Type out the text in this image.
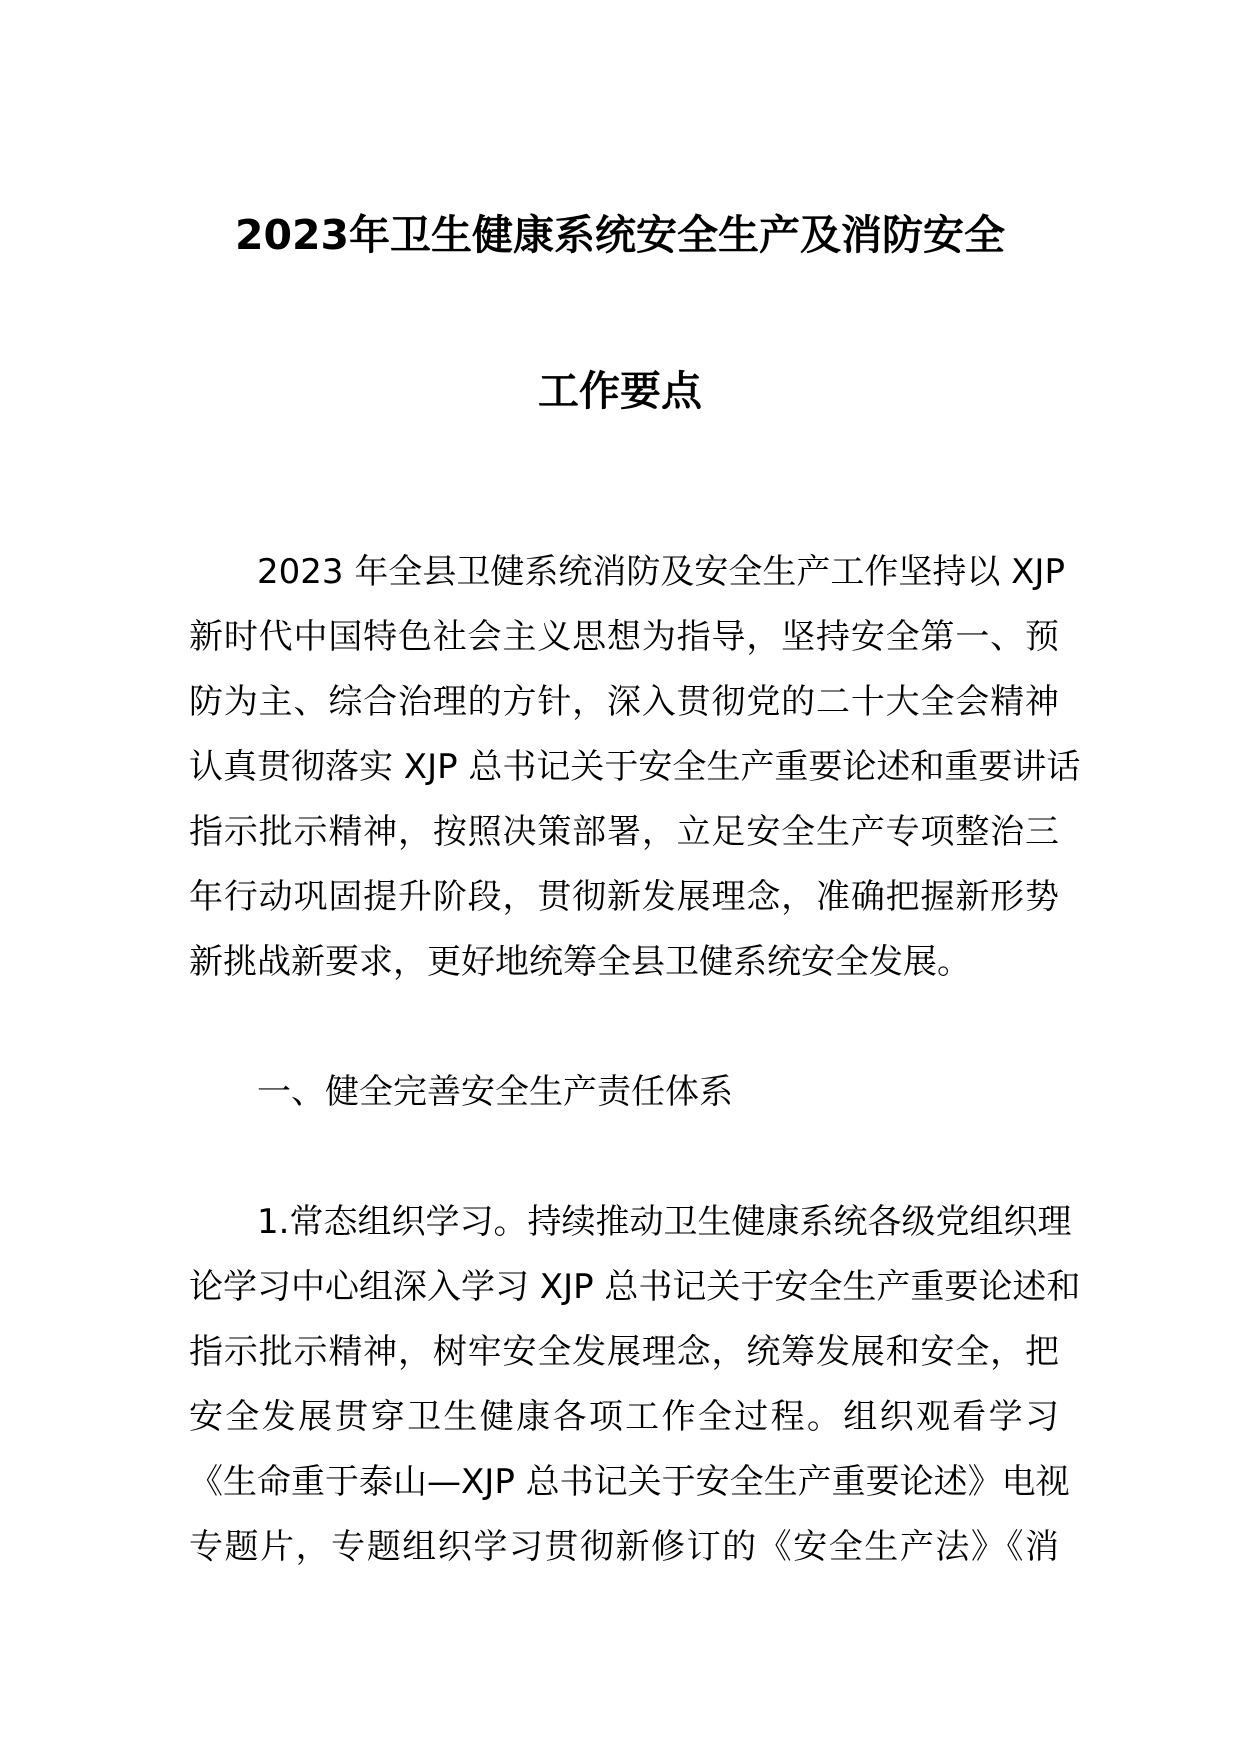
2023年卫生健康系统安全生产及消防安全
工作要点
2023 年全县卫健系统消防及安全生产工作坚持以 XJP
新时代中国特色社会主义思想为指导，坚持安全第一、预
防为主、综合治理的方针，深入贯彻党的二十大全会精神
认真贯彻落实 XJP 总书记关于安全生产重要论述和重要讲话
指示批示精神，按照决策部署，立足安全生产专项整治三
年行动巩固提升阶段，贯彻新发展理念，准确把握新形势
新挑战新要求，更好地统筹全县卫健系统安全发展。
一、健全完善安全生产责任体系
1.常态组织学习。持续推动卫生健康系统各级党组织理
论学习中心组深入学习 XJP 总书记关于安全生产重要论述和
指示批示精神，树牢安全发展理念，统筹发展和安全，把
安全发展贯穿卫生健康各项工作全过程。组织观看学习
《生命重于泰山—XJP 总书记关于安全生产重要论述》电视
专题片，专题组织学习贯彻新修订的《安全生产法》《消
